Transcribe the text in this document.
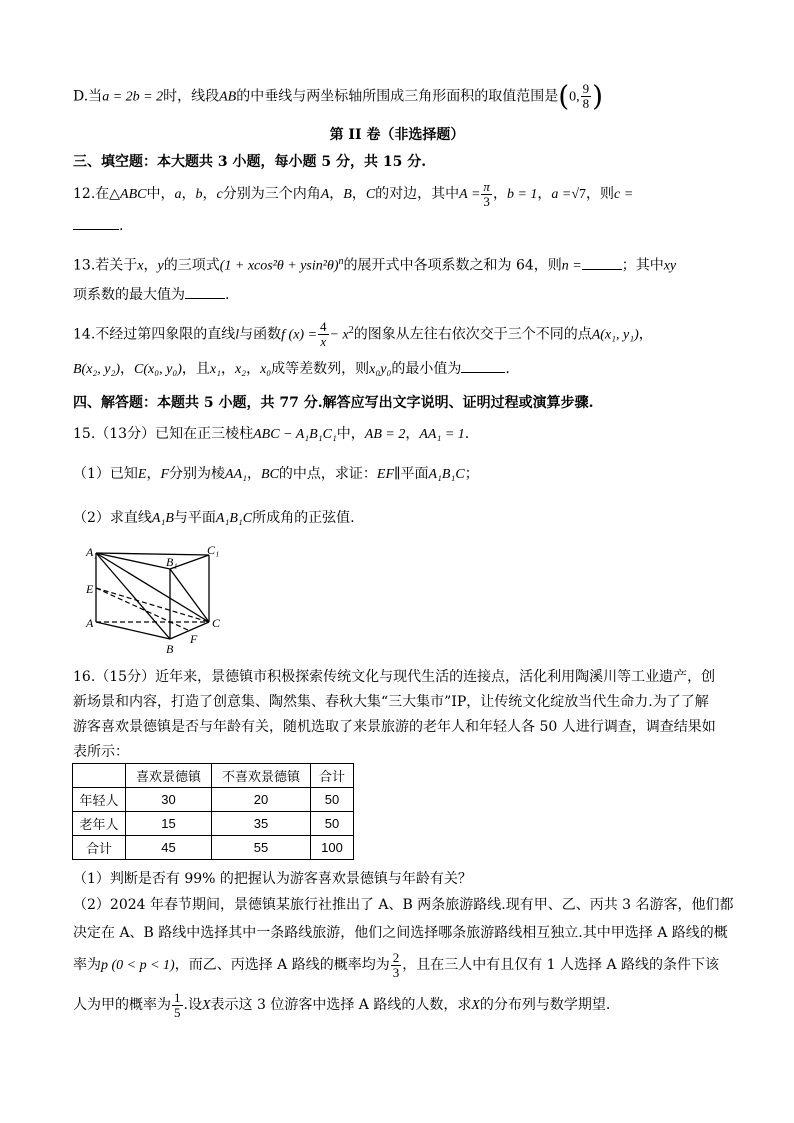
D.当a = 2b = 2时，线段AB的中垂线与两坐标轴所围成三角形面积的取值范围是(0, $\frac{9}{8}$ )
第 II 卷（非选择题）
三、填空题：本大题共 3 小题，每小题 5 分，共 15 分.
12.在△ABC中，a，b，c分别为三个内角A，B，C的对边，其中$A = \frac{\pi}{3}$ ，b = 1，a =√7，则c =
.
13.若关于x，y的三项式$(1 + xcos^2\theta + ysin^2\theta)^n$的展开式中各项系数之和为 64，则n =	；其中xy
项系数的最大值为	.
14.不经过第四象限的直线l与函数f $(x) = \frac{4}{x} - x^2$的图象从左往右依次交于三个不同的点A(x₁, y₁)，
B(x₂, y₂)，C(x₀, y₀)，且x₁，x₂，x₀成等差数列，则x₀y₀的最小值为	.
四、解答题：本题共 5 小题，共 77 分.解答应写出文字说明、证明过程或演算步骤.
15.（13分）已知在正三棱柱ABC − A₁B₁C₁中，AB = 2，AA₁ = 1.
（1）已知E，F分别为棱AA₁，BC的中点，求证：EF∥平面A₁B₁C；
（2）求直线A₁B与平面A₁B₁C所成角的正弦值.
A₁
B₁
C₁
E
A
B
C
F
16.（15分）近年来，景德镇市积极探索传统文化与现代生活的连接点，活化利用陶溪川等工业遗产，创
新场景和内容，打造了创意集、陶然集、春秋大集“三大集市”IP，让传统文化绽放当代生命力.为了了解
游客喜欢景德镇是否与年龄有关，随机选取了来景旅游的老年人和年轻人各 50 人进行调查，调查结果如
表所示：
	喜欢景德镇	不喜欢景德镇	合计
年轻人	30	20	50
老年人	15	35	50
合计	45	55	100
（1）判断是否有 99% 的把握认为游客喜欢景德镇与年龄有关？
（2）2024 年春节期间，景德镇某旅行社推出了 A、B 两条旅游路线.现有甲、乙、丙共 3 名游客，他们都
决定在 A、B 路线中选择其中一条路线旅游，他们之间选择哪条旅游路线相互独立.其中甲选择 A 路线的概
率为p (0 < p < 1)，而乙、丙选择 A 路线的概率均为 $\frac{2}{3}$ ，且在三人中有且仅有 1 人选择 A 路线的条件下该
人为甲的概率为 $\frac{1}{5}$ .设X表示这 3 位游客中选择 A 路线的人数，求X的分布列与数学期望.
